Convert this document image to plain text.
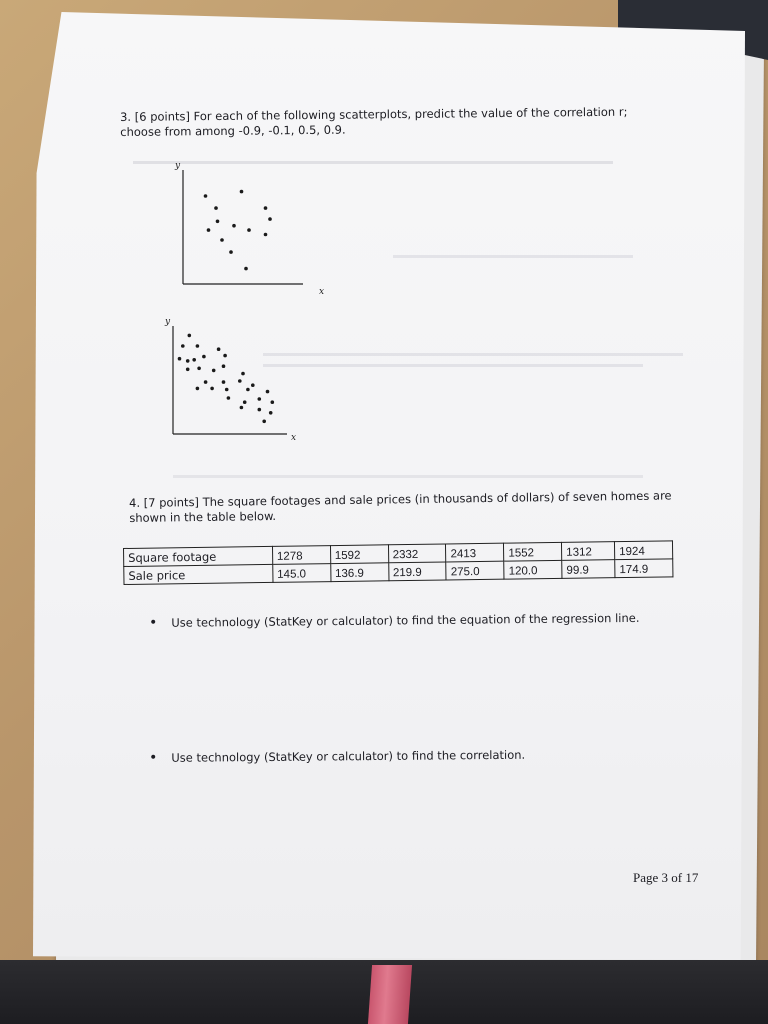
3. [6 points] For each of the following scatterplots, predict the value of the correlation r;
choose from among -0.9, -0.1, 0.5, 0.9.
y
x
y
x
4. [7 points] The square footages and sale prices (in thousands of dollars) of seven homes are
shown in the table below.
Square footage	1278	1592	2332	2413	1552	1312	1924
Sale price	145.0	136.9	219.9	275.0	120.0	99.9	174.9
• Use technology (StatKey or calculator) to find the equation of the regression line.
• Use technology (StatKey or calculator) to find the correlation.
Page 3 of 17
